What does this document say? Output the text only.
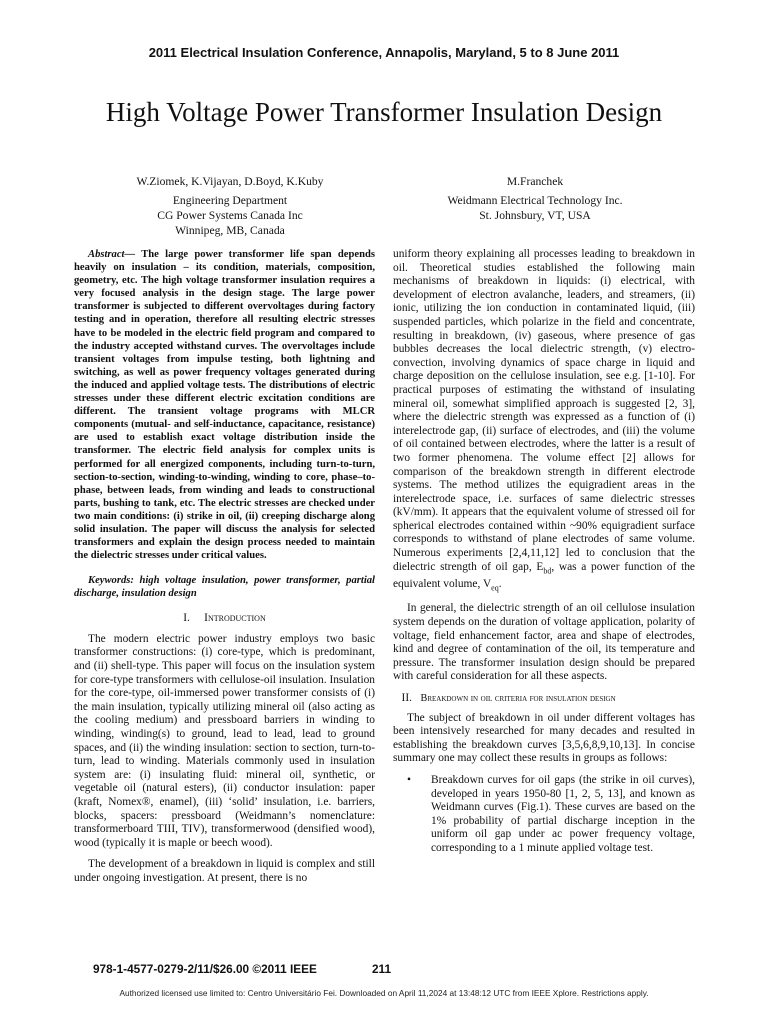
2011 Electrical Insulation Conference, Annapolis, Maryland, 5 to 8 June 2011
High Voltage Power Transformer Insulation Design
W.Ziomek, K.Vijayan, D.Boyd, K.Kuby
Engineering Department
CG Power Systems Canada Inc
Winnipeg, MB, Canada
M.Franchek
Weidmann Electrical Technology Inc.
St. Johnsbury, VT, USA

Abstract— The large power transformer life span depends heavily on insulation – its condition, materials, composition, geometry, etc. The high voltage transformer insulation requires a very focused analysis in the design stage. The large power transformer is subjected to different overvoltages during factory testing and in operation, therefore all resulting electric stresses have to be modeled in the electric field program and compared to the industry accepted withstand curves. The overvoltages include transient voltages from impulse testing, both lightning and switching, as well as power frequency voltages generated during the induced and applied voltage tests. The distributions of electric stresses under these different electric excitation conditions are different. The transient voltage programs with MLCR components (mutual- and self-inductance, capacitance, resistance) are used to establish exact voltage distribution inside the transformer. The electric field analysis for complex units is performed for all energized components, including turn-to-turn, section-to-section, winding-to-winding, winding to core, phase–to-phase, between leads, from winding and leads to constructional parts, bushing to tank, etc. The electric stresses are checked under two main conditions: (i) strike in oil, (ii) creeping discharge along solid insulation. The paper will discuss the analysis for selected transformers and explain the design process needed to maintain the dielectric stresses under critical values.

Keywords: high voltage insulation, power transformer, partial discharge, insulation design

I. Introduction

The modern electric power industry employs two basic transformer constructions: (i) core-type, which is predominant, and (ii) shell-type. This paper will focus on the insulation system for core-type transformers with cellulose-oil insulation. Insulation for the core-type, oil-immersed power transformer consists of (i) the main insulation, typically utilizing mineral oil (also acting as the cooling medium) and pressboard barriers in winding to winding, winding(s) to ground, lead to lead, lead to ground spaces, and (ii) the winding insulation: section to section, turn-to-turn, lead to winding. Materials commonly used in insulation system are: (i) insulating fluid: mineral oil, synthetic, or vegetable oil (natural esters), (ii) conductor insulation: paper (kraft, Nomex®, enamel), (iii) ‘solid’ insulation, i.e. barriers, blocks, spacers: pressboard (Weidmann’s nomenclature: transformerboard TIII, TIV), transformerwood (densified wood), wood (typically it is maple or beech wood).

The development of a breakdown in liquid is complex and still under ongoing investigation. At present, there is no

uniform theory explaining all processes leading to breakdown in oil. Theoretical studies established the following main mechanisms of breakdown in liquids: (i) electrical, with development of electron avalanche, leaders, and streamers, (ii) ionic, utilizing the ion conduction in contaminated liquid, (iii) suspended particles, which polarize in the field and concentrate, resulting in breakdown, (iv) gaseous, where presence of gas bubbles decreases the local dielectric strength, (v) electro-convection, involving dynamics of space charge in liquid and charge deposition on the cellulose insulation, see e.g. [1-10]. For practical purposes of estimating the withstand of insulating mineral oil, somewhat simplified approach is suggested [2, 3], where the dielectric strength was expressed as a function of (i) interelectrode gap, (ii) surface of electrodes, and (iii) the volume of oil contained between electrodes, where the latter is a result of two former phenomena. The volume effect [2] allows for comparison of the breakdown strength in different electrode systems. The method utilizes the equigradient areas in the interelectrode space, i.e. surfaces of same dielectric stresses (kV/mm). It appears that the equivalent volume of stressed oil for spherical electrodes contained within ~90% equigradient surface corresponds to withstand of plane electrodes of same volume. Numerous experiments [2,4,11,12] led to conclusion that the dielectric strength of oil gap, $E_{bd}$, was a power function of the equivalent volume, $V_{eq}$.

In general, the dielectric strength of an oil cellulose insulation system depends on the duration of voltage application, polarity of voltage, field enhancement factor, area and shape of electrodes, kind and degree of contamination of the oil, its temperature and pressure. The transformer insulation design should be prepared with careful consideration for all these aspects.

II. Breakdown in oil criteria for insulation design

The subject of breakdown in oil under different voltages has been intensively researched for many decades and resulted in establishing the breakdown curves [3,5,6,8,9,10,13]. In concise summary one may collect these results in groups as follows:

• Breakdown curves for oil gaps (the strike in oil curves), developed in years 1950-80 [1, 2, 5, 13], and known as Weidmann curves (Fig.1). These curves are based on the 1% probability of partial discharge inception in the uniform oil gap under ac power frequency voltage, corresponding to a 1 minute applied voltage test.
978-1-4577-0279-2/11/$26.00 ©2011 IEEE	211
Authorized licensed use limited to: Centro Universitário Fei. Downloaded on April 11,2024 at 13:48:12 UTC from IEEE Xplore. Restrictions apply.
